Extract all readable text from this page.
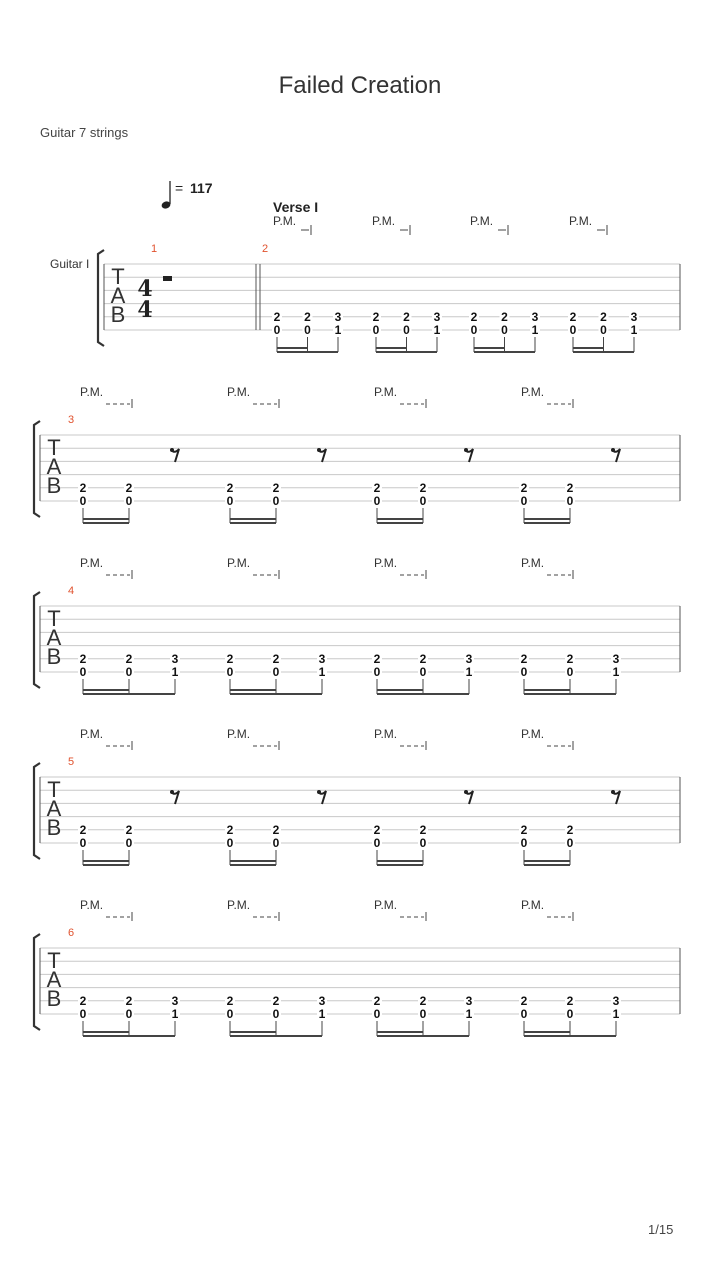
Failed Creation
Guitar 7 strings
1/15
T
A
B
Guitar I
4
4
1	2
= 117
Verse I
P.M.	P.M.	P.M.	P.M.
2
0
2
0
3
1
2
0
2
0
3
1
2
0
2
0
3
1
2
0
2
0
3
1
T
A
B
3
P.M.	P.M.	P.M.	P.M.
2
0
2
0
2
0
2
0
2
0
2
0
2
0
2
0
T
A
B
4
P.M.	P.M.	P.M.	P.M.
2
0
2
0
3
1
2
0
2
0
3
1
2
0
2
0
3
1
2
0
2
0
3
1
T
A
B
5
P.M.	P.M.	P.M.	P.M.
2
0
2
0
2
0
2
0
2
0
2
0
2
0
2
0
T
A
B
6
P.M.	P.M.	P.M.	P.M.
2
0
2
0
3
1
2
0
2
0
3
1
2
0
2
0
3
1
2
0
2
0
3
1
